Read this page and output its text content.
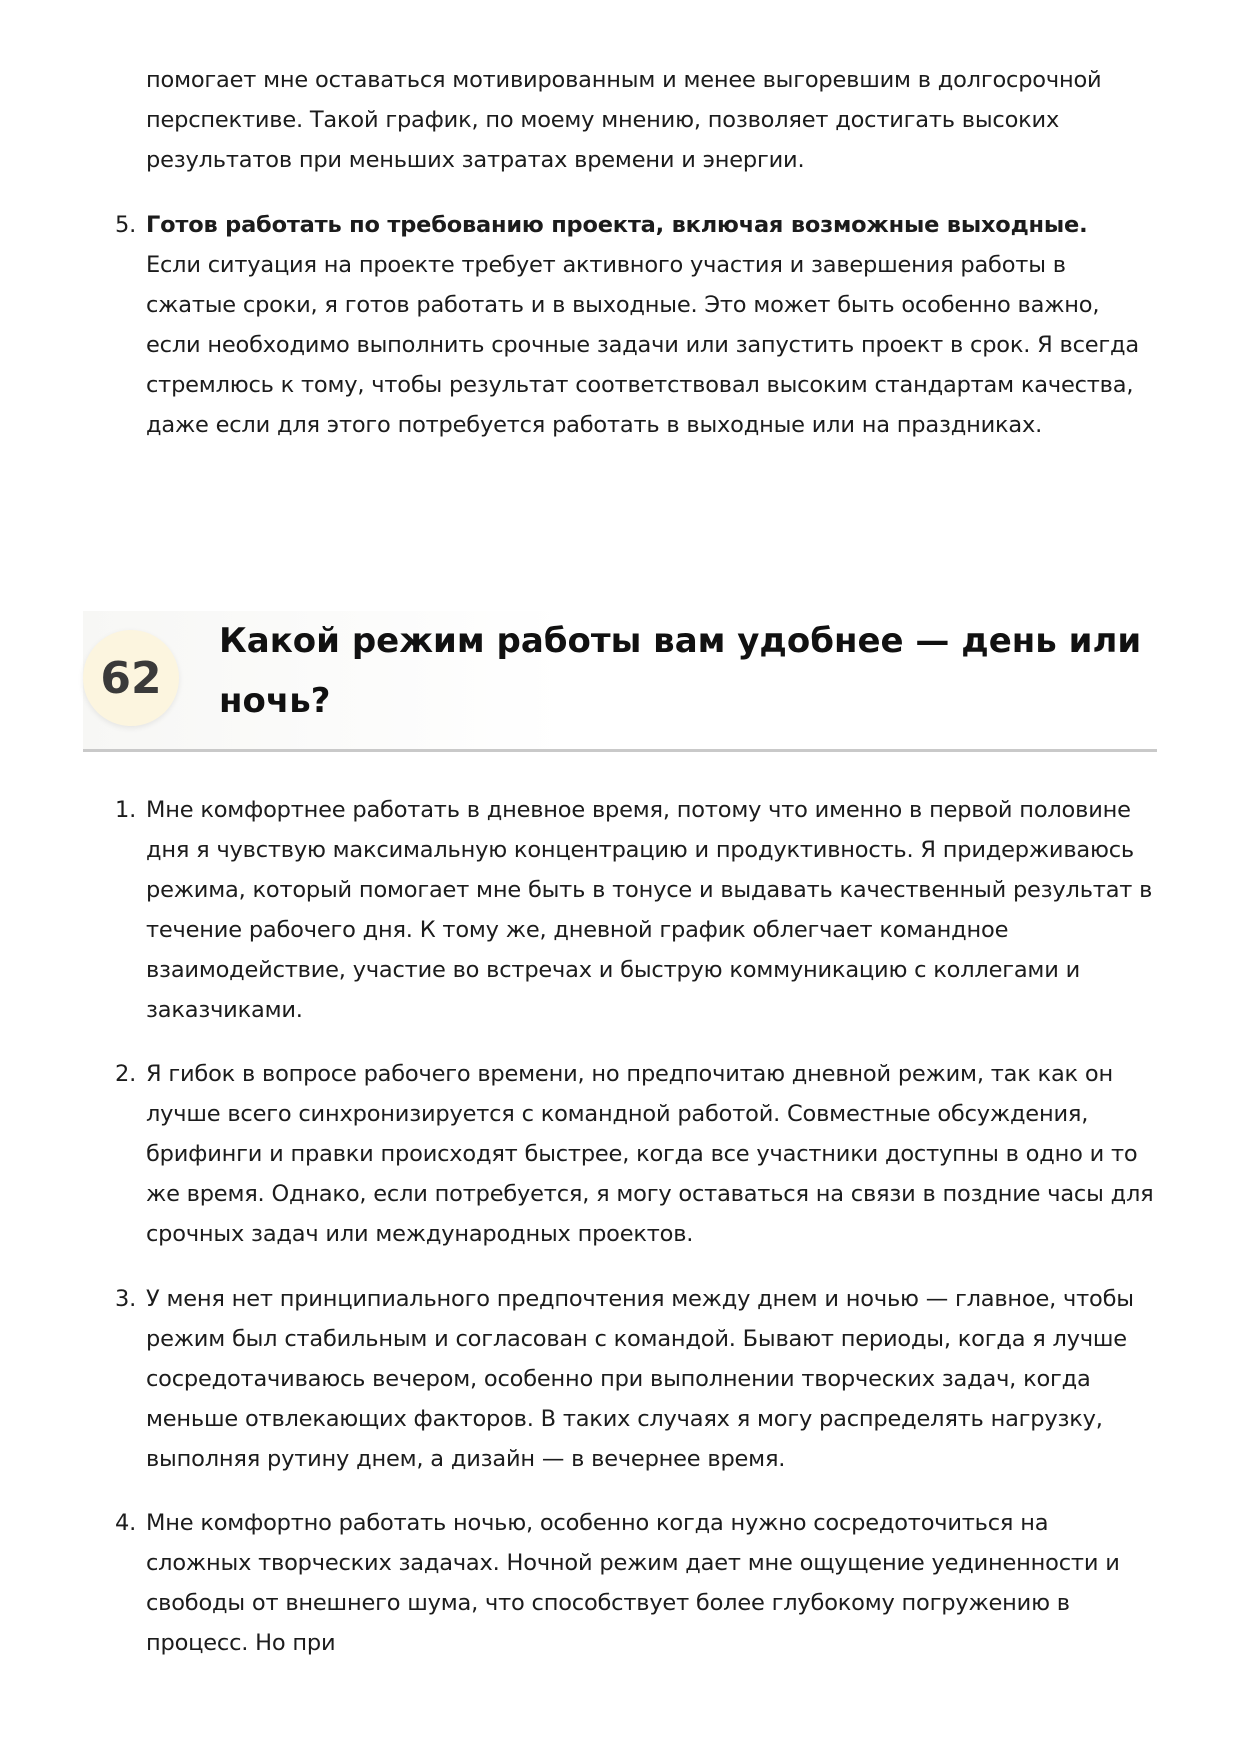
помогает мне оставаться мотивированным и менее выгоревшим в долгосрочной перспективе. Такой график, по моему мнению, позволяет достигать высоких результатов при меньших затратах времени и энергии.
5. Готов работать по требованию проекта, включая возможные выходные.
Если ситуация на проекте требует активного участия и завершения работы в сжатые сроки, я готов работать и в выходные. Это может быть особенно важно, если необходимо выполнить срочные задачи или запустить проект в срок. Я всегда стремлюсь к тому, чтобы результат соответствовал высоким стандартам качества, даже если для этого потребуется работать в выходные или на праздниках.
62
Какой режим работы вам удобнее — день или ночь?
1. Мне комфортнее работать в дневное время, потому что именно в первой половине дня я чувствую максимальную концентрацию и продуктивность. Я придерживаюсь режима, который помогает мне быть в тонусе и выдавать качественный результат в течение рабочего дня. К тому же, дневной график облегчает командное взаимодействие, участие во встречах и быструю коммуникацию с коллегами и заказчиками.
2. Я гибок в вопросе рабочего времени, но предпочитаю дневной режим, так как он лучше всего синхронизируется с командной работой. Совместные обсуждения, брифинги и правки происходят быстрее, когда все участники доступны в одно и то же время. Однако, если потребуется, я могу оставаться на связи в поздние часы для срочных задач или международных проектов.
3. У меня нет принципиального предпочтения между днем и ночью — главное, чтобы режим был стабильным и согласован с командой. Бывают периоды, когда я лучше сосредотачиваюсь вечером, особенно при выполнении творческих задач, когда меньше отвлекающих факторов. В таких случаях я могу распределять нагрузку, выполняя рутину днем, а дизайн — в вечернее время.
4. Мне комфортно работать ночью, особенно когда нужно сосредоточиться на сложных творческих задачах. Ночной режим дает мне ощущение уединенности и свободы от внешнего шума, что способствует более глубокому погружению в процесс. Но при
